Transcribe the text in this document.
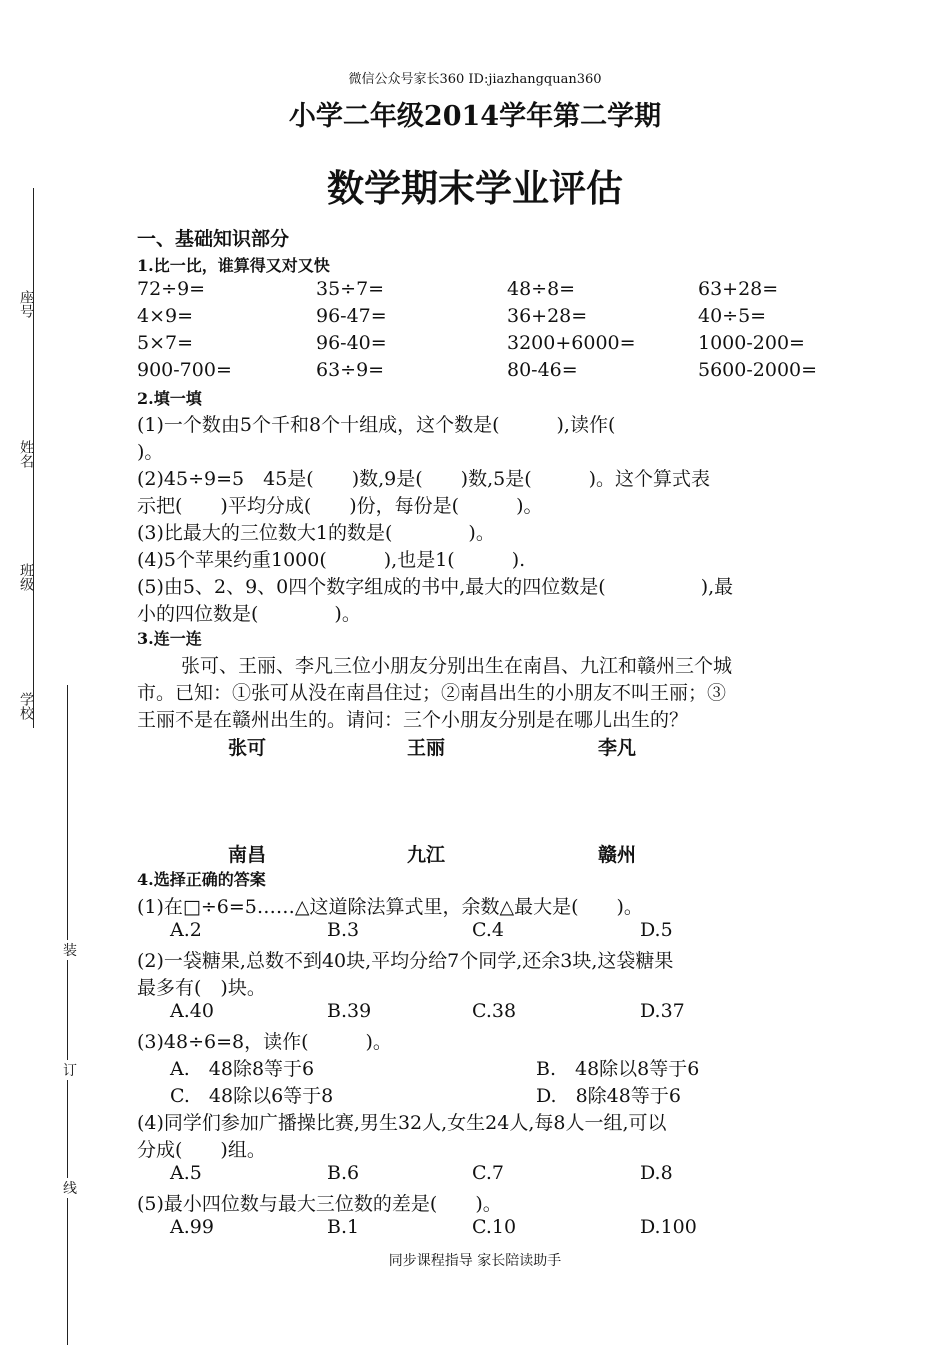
座号
姓名
班级
学校
装
订
线
微信公众号家长360 ID:jiazhangquan360
小学二年级2014学年第二学期
数学期末学业评估
一、基础知识部分
1.比一比，谁算得又对又快
72÷9=	35÷7=	48÷8=	63+28=
4×9=	96-47=	36+28=	40÷5=
5×7=	96-40=	3200+6000=	1000-200=
900-700=	63÷9=	80-46=	5600-2000=
2.填一填
(1)一个数由5个千和8个十组成，这个数是(　　　),读作(
)。
(2)45÷9=5　45是(　　)数,9是(　　)数,5是(　　　)。这个算式表
示把(　　)平均分成(　　)份，每份是(　　　)。
(3)比最大的三位数大1的数是(　　　　)。
(4)5个苹果约重1000(　　　),也是1(　　　).
(5)由5、2、9、0四个数字组成的书中,最大的四位数是(　　　　　),最
小的四位数是(　　　　)。
3.连一连
张可、王丽、李凡三位小朋友分别出生在南昌、九江和赣州三个城
市。已知：①张可从没在南昌住过；②南昌出生的小朋友不叫王丽；③
王丽不是在赣州出生的。请问：三个小朋友分别是在哪儿出生的？
张可	王丽	李凡
南昌	九江	赣州
4.选择正确的答案
(1)在□÷6=5……△这道除法算式里，余数△最大是(　　)。
A.2	B.3	C.4	D.5
(2)一袋糖果,总数不到40块,平均分给7个同学,还余3块,这袋糖果
最多有(　)块。
A.40	B.39	C.38	D.37
(3)48÷6=8，读作(　　　)。
A.　48除8等于6	B.　48除以8等于6
C.　48除以6等于8	D.　8除48等于6
(4)同学们参加广播操比赛,男生32人,女生24人,每8人一组,可以
分成(　　)组。
A.5	B.6	C.7	D.8
(5)最小四位数与最大三位数的差是(　　)。
A.99	B.1	C.10	D.100
同步课程指导 家长陪读助手
